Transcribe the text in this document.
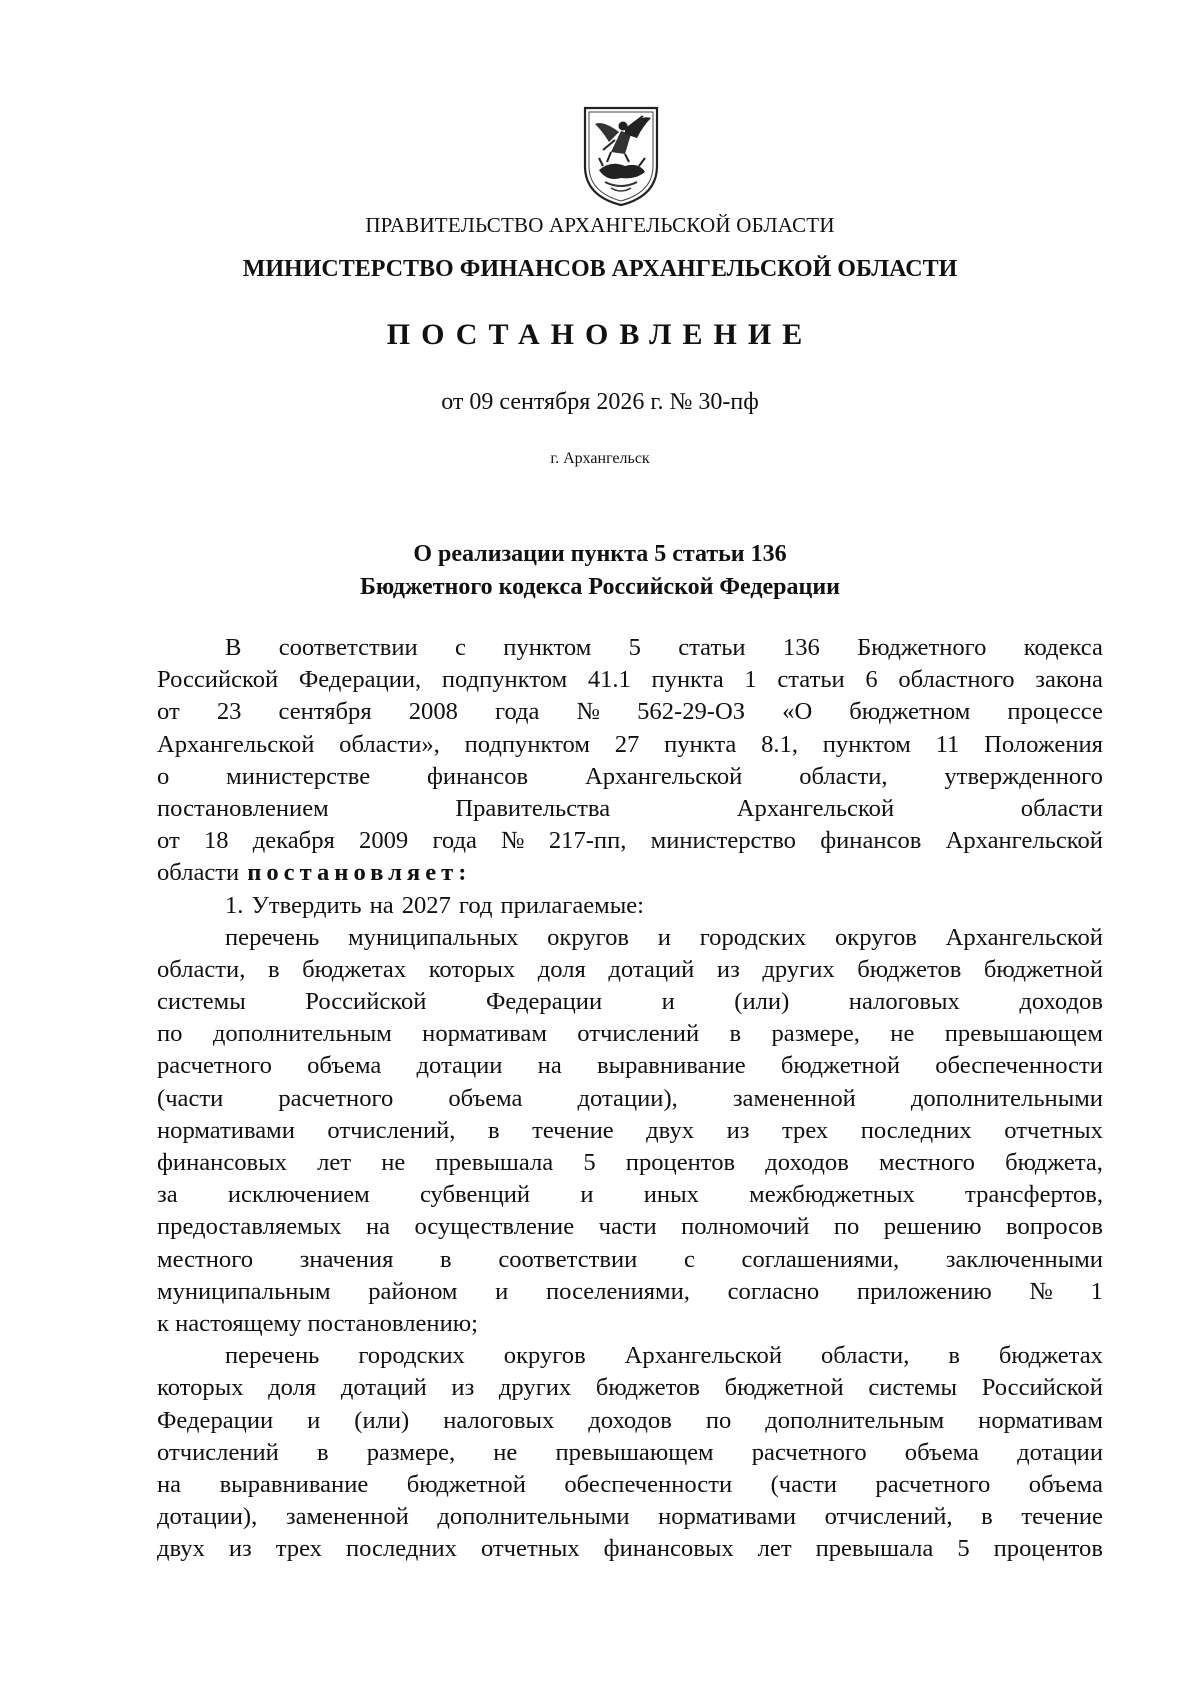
ПРАВИТЕЛЬСТВО АРХАНГЕЛЬСКОЙ ОБЛАСТИ
МИНИСТЕРСТВО ФИНАНСОВ АРХАНГЕЛЬСКОЙ ОБЛАСТИ
ПОСТАНОВЛЕНИЕ
от 09 сентября 2026 г. № 30-пф
г. Архангельск
О реализации пункта 5 статьи 136
Бюджетного кодекса Российской Федерации
В соответствии с пунктом 5 статьи 136 Бюджетного кодекса
Российской Федерации, подпунктом 41.1 пункта 1 статьи 6 областного закона
от 23 сентября 2008 года № 562-29-ОЗ «О бюджетном процессе
Архангельской области», подпунктом 27 пункта 8.1, пунктом 11 Положения
о министерстве финансов Архангельской области, утвержденного
постановлением	Правительства	Архангельской	области
от 18 декабря 2009 года № 217-пп, министерство финансов Архангельской
области постановляет:
1. Утвердить на 2027 год прилагаемые:
перечень муниципальных округов и городских округов Архангельской
области, в бюджетах которых доля дотаций из других бюджетов бюджетной
системы Российской Федерации и (или) налоговых доходов
по дополнительным нормативам отчислений в размере, не превышающем
расчетного объема дотации на выравнивание бюджетной обеспеченности
(части расчетного объема дотации), замененной дополнительными
нормативами отчислений, в течение двух из трех последних отчетных
финансовых лет не превышала 5 процентов доходов местного бюджета,
за исключением субвенций и иных межбюджетных трансфертов,
предоставляемых на осуществление части полномочий по решению вопросов
местного значения в соответствии с соглашениями, заключенными
муниципальным районом и поселениями, согласно приложению № 1
к настоящему постановлению;
перечень городских округов Архангельской области, в бюджетах
которых доля дотаций из других бюджетов бюджетной системы Российской
Федерации и (или) налоговых доходов по дополнительным нормативам
отчислений в размере, не превышающем расчетного объема дотации
на выравнивание бюджетной обеспеченности (части расчетного объема
дотации), замененной дополнительными нормативами отчислений, в течение
двух из трех последних отчетных финансовых лет превышала 5 процентов
